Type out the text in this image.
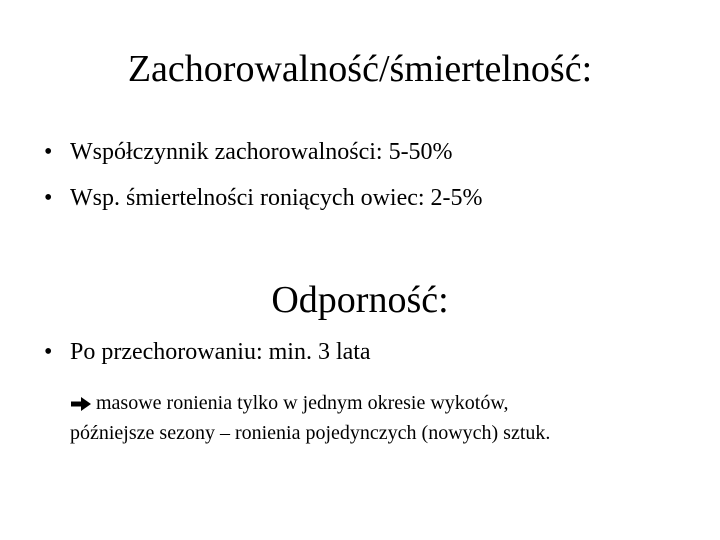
Zachorowalność/śmiertelność:
• Współczynnik zachorowalności: 5-50%
• Wsp. śmiertelności roniących owiec: 2-5%
Odporność:
• Po przechorowaniu: min. 3 lata
masowe ronienia tylko w jednym okresie wykotów,
późniejsze sezony – ronienia pojedynczych (nowych) sztuk.
